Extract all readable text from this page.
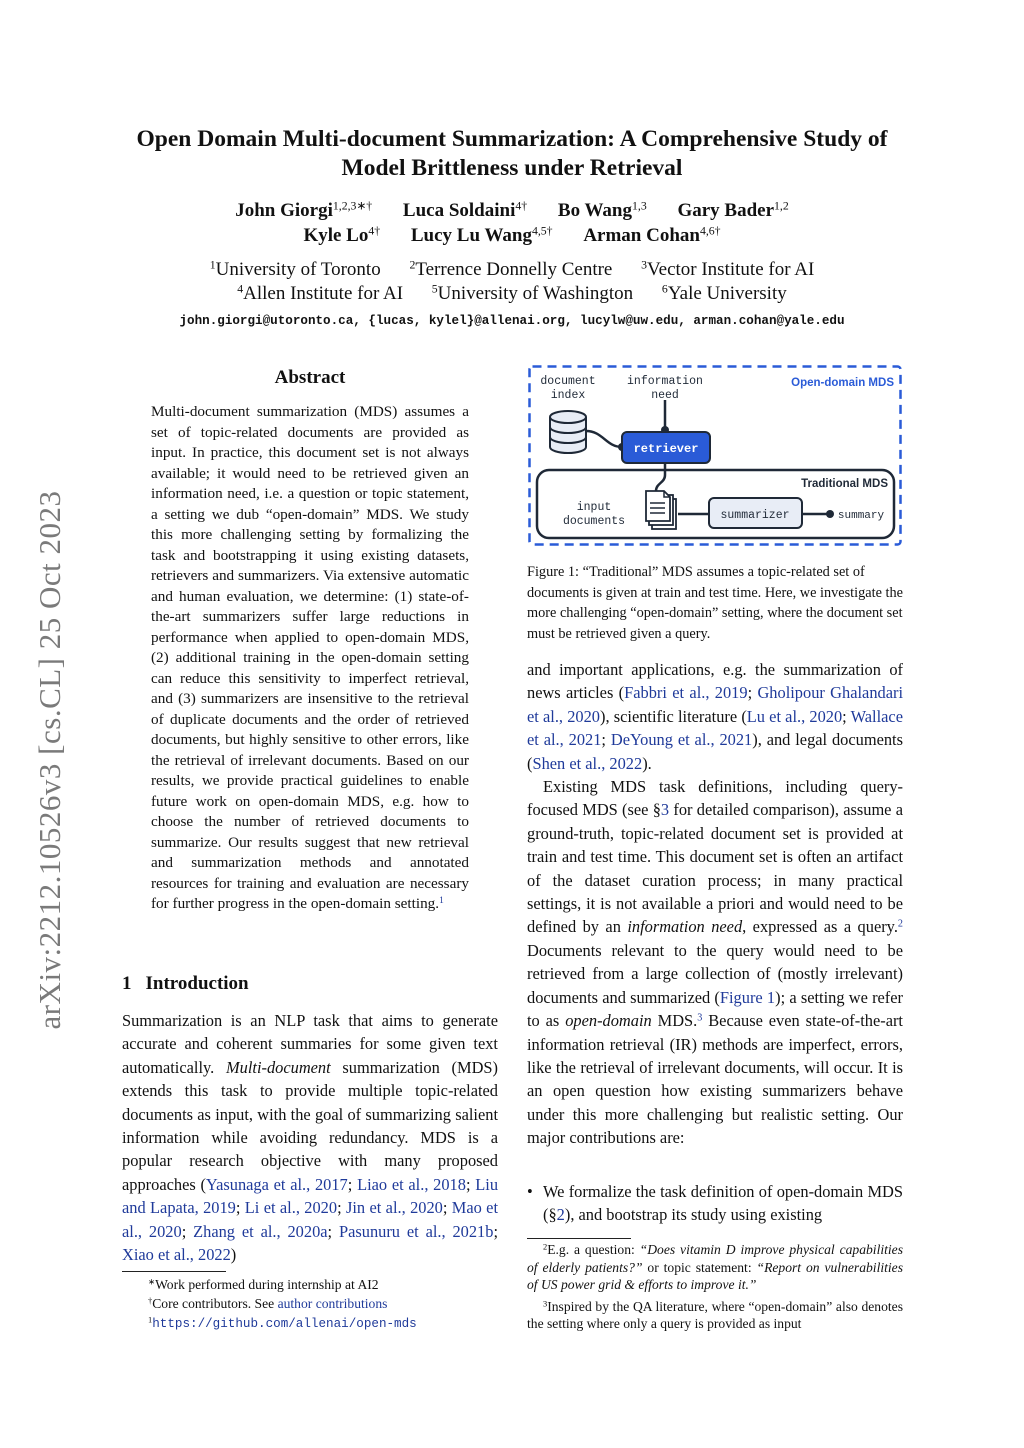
arXiv:2212.10526v3 [cs.CL] 25 Oct 2023
Open Domain Multi-document Summarization: A Comprehensive Study of
Model Brittleness under Retrieval
John Giorgi$^{1,2,3∗\dagger}$ Luca Soldaini$^{4\dagger}$ Bo Wang$^{1,3}$ Gary Bader$^{1,2}$
Kyle $Lo^{4\dagger}$ Lucy Lu Wang$^{4,5\dagger}$ Arman Cohan$^{4,6\dagger}$
$^1$University of Toronto $^2$Terrence Donnelly Centre $^3$Vector Institute for AI
$^4$Allen Institute for AI $^5$University of Washington $^6$Yale University
john.giorgi@utoronto.ca, {lucas, kylel}@allenai.org, lucylw@uw.edu, arman.cohan@yale.edu
Abstract
Multi-document summarization (MDS) assumes a set of topic-related documents are provided as input. In practice, this document set is not always available; it would need to be retrieved given an information need, i.e. a question or topic statement, a setting we dub “open-domain” MDS. We study this more challenging setting by formalizing the task and bootstrapping it using existing datasets, retrievers and summarizers. Via extensive automatic and human evaluation, we determine: (1) state-of-the-art summarizers suffer large reductions in performance when applied to open-domain MDS, (2) additional training in the open-domain setting can reduce this sensitivity to imperfect retrieval, and (3) summarizers are insensitive to the retrieval of duplicate documents and the order of retrieved documents, but highly sensitive to other errors, like the retrieval of irrelevant documents. Based on our results, we provide practical guidelines to enable future work on open-domain MDS, e.g. how to choose the number of retrieved documents to summarize. Our results suggest that new retrieval and summarization methods and annotated resources for training and evaluation are necessary for further progress in the open-domain setting.$^1$
1 Introduction
Summarization is an NLP task that aims to generate accurate and coherent summaries for some given text automatically. Multi-document summarization (MDS) extends this task to provide multiple topic-related documents as input, with the goal of summarizing salient information while avoiding redundancy. MDS is a popular research objective with many proposed approaches (Yasunaga et al., 2017; Liao et al., 2018; Liu and Lapata, 2019; Li et al., 2020; Jin et al., 2020; Mao et al., 2020; Zhang et al., 2020a; Pasunuru et al., 2021b; Xiao et al., 2022)
∗Work performed during internship at AI2
†Core contributors. See author contributions
$^1$https://github.com/allenai/open-mds
document
index
information
need
Open-domain MDS
retriever
Traditional MDS
input
documents	summarizer	summary
Figure 1: “Traditional” MDS assumes a topic-related set of documents is given at train and test time. Here, we investigate the more challenging “open-domain” setting, where the document set must be retrieved given a query.

and important applications, e.g. the summarization of news articles (Fabbri et al., 2019; Gholipour Ghalandari et al., 2020), scientific literature (Lu et al., 2020; Wallace et al., 2021; DeYoung et al., 2021), and legal documents (Shen et al., 2022).

Existing MDS task definitions, including query-focused MDS (see §3 for detailed comparison), assume a ground-truth, topic-related document set is provided at train and test time. This document set is often an artifact of the dataset curation process; in many practical settings, it is not available a priori and would need to be defined by an information need, expressed as a query.$^2$ Documents relevant to the query would need to be retrieved from a large collection of (mostly irrelevant) documents and summarized (Figure 1); a setting we refer to as open-domain MDS.$^3$ Because even state-of-the-art information retrieval (IR) methods are imperfect, errors, like the retrieval of irrelevant documents, will occur. It is an open question how existing summarizers behave under this more challenging but realistic setting. Our major contributions are:

• We formalize the task definition of open-domain MDS (§2), and bootstrap its study using existing
$^2$E.g. a question: “Does vitamin D improve physical capabilities of elderly patients?” or topic statement: “Report on vulnerabilities of US power grid & efforts to improve it.”
$^3$Inspired by the QA literature, where “open-domain” also denotes the setting where only a query is provided as input
